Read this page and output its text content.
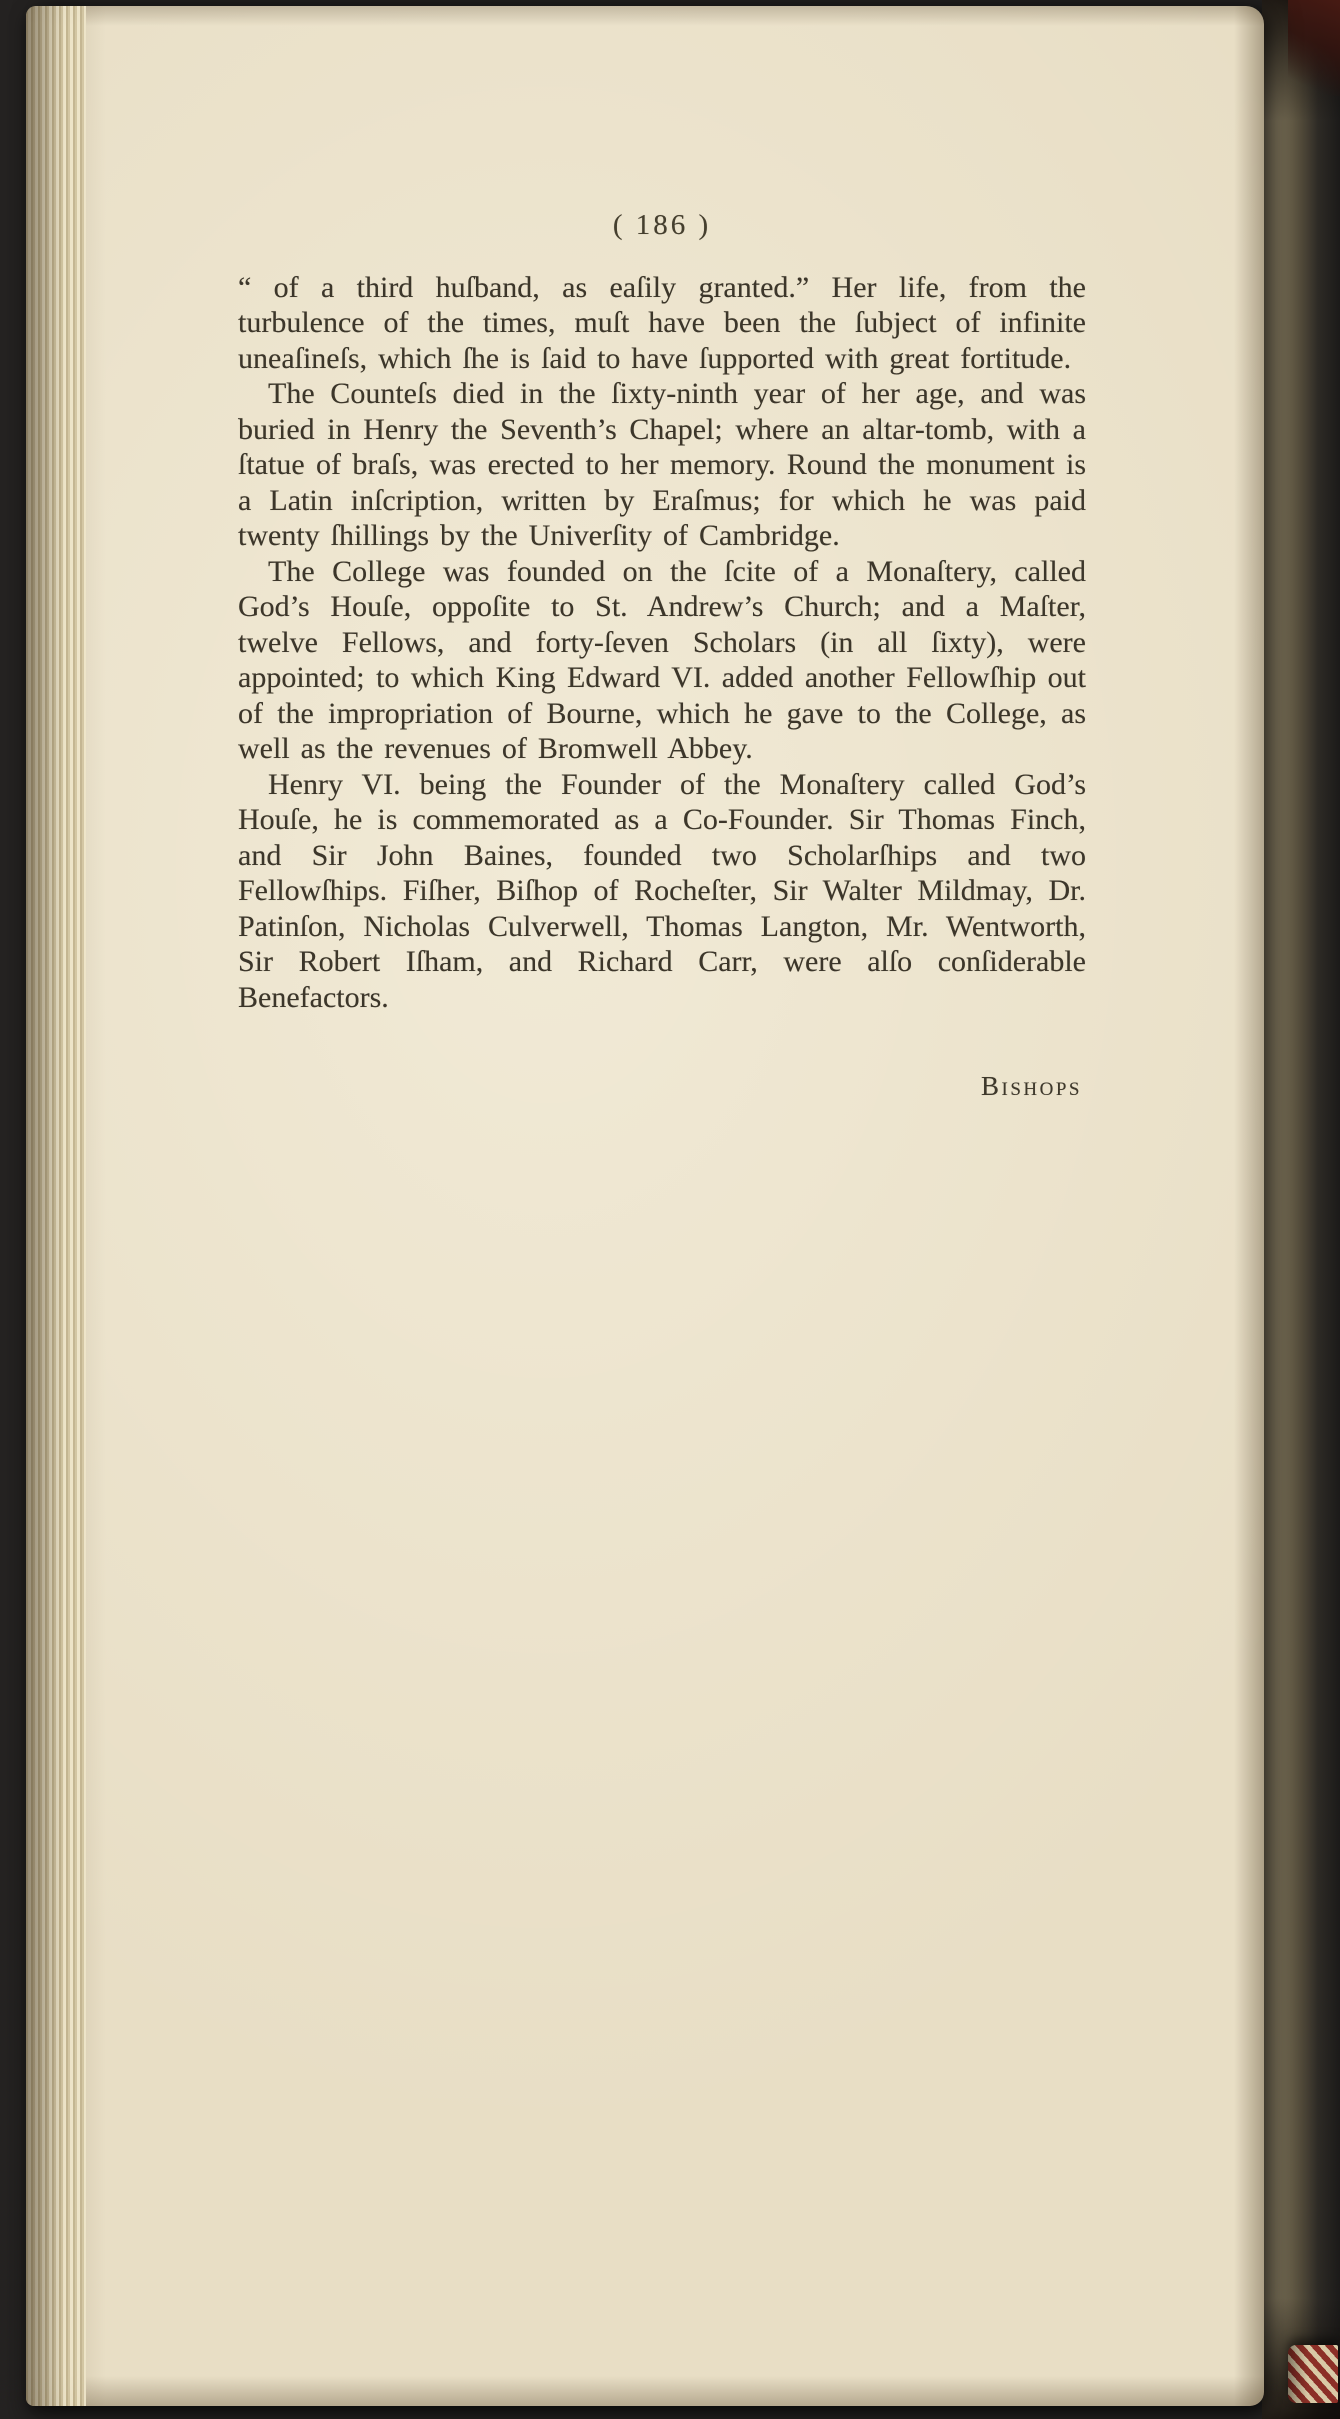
( 186 )

“ of a third huſband, as eaſily granted.” Her life, from the turbulence of the times, muſt have been the ſubject of infinite uneaſineſs, which ſhe is ſaid to have ſupported with great fortitude.

The Counteſs died in the ſixty-ninth year of her age, and was buried in Henry the Seventh’s Chapel; where an altar-tomb, with a ſtatue of braſs, was erected to her memory. Round the monument is a Latin inſcription, written by Eraſmus; for which he was paid twenty ſhillings by the Univerſity of Cambridge.

The College was founded on the ſcite of a Monaſtery, called God’s Houſe, oppoſite to St. Andrew’s Church; and a Maſter, twelve Fellows, and forty-ſeven Scholars (in all ſixty), were appointed; to which King Edward VI. added another Fellowſhip out of the impropriation of Bourne, which he gave to the College, as well as the revenues of Bromwell Abbey.

Henry VI. being the Founder of the Monaſtery called God’s Houſe, he is commemorated as a Co-Founder. Sir Thomas Finch, and Sir John Baines, founded two Scholarſhips and two Fellowſhips. Fiſher, Biſhop of Rocheſter, Sir Walter Mildmay, Dr. Patinſon, Nicholas Culverwell, Thomas Langton, Mr. Wentworth, Sir Robert Iſham, and Richard Carr, were alſo conſiderable Benefactors.

Bishops
